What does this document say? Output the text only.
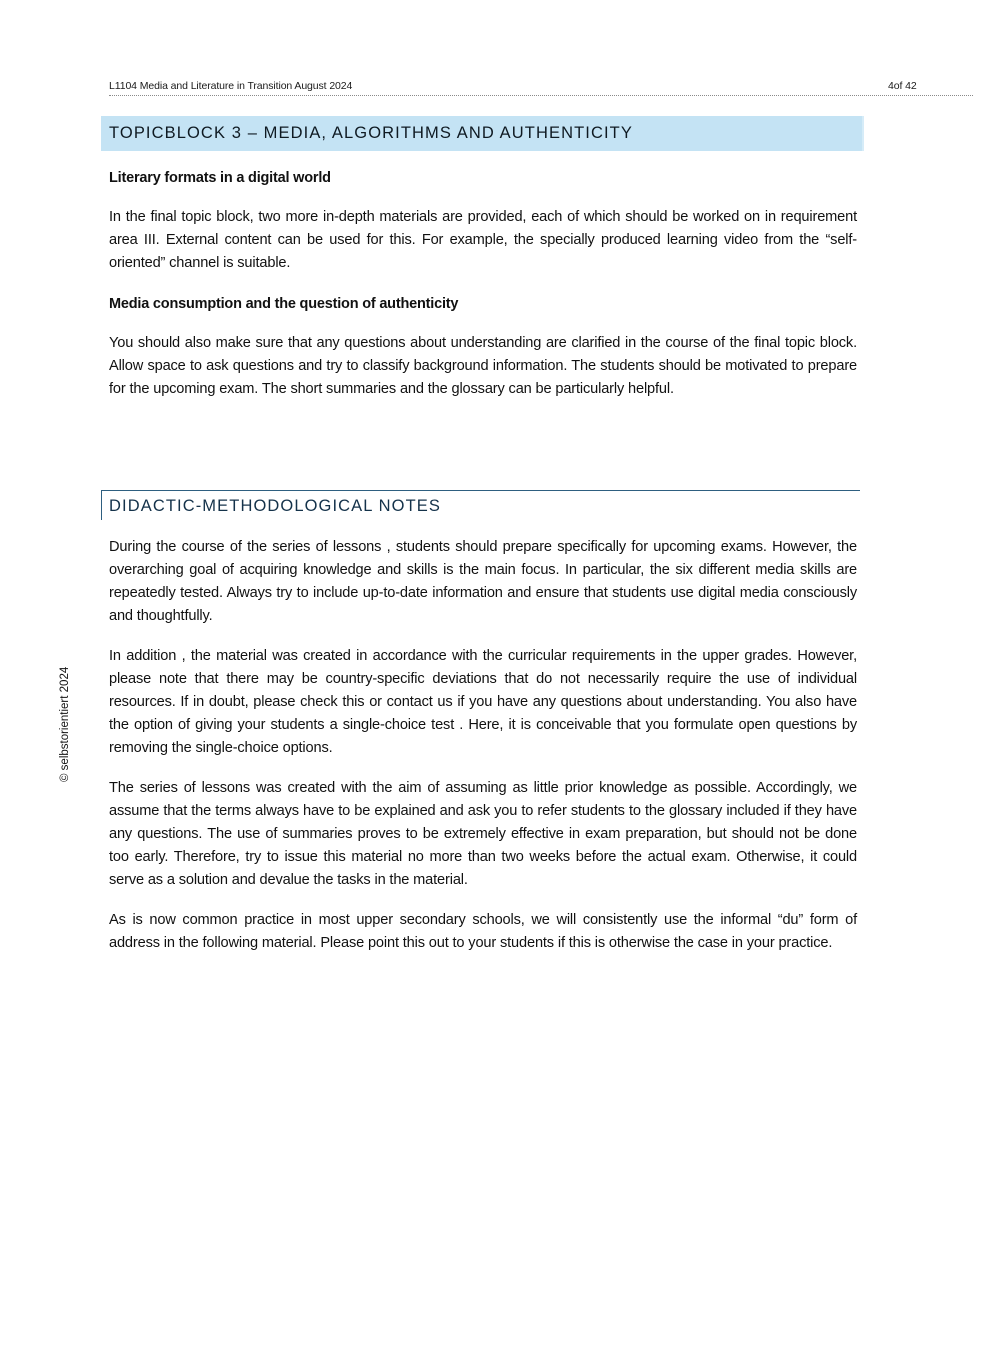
L1104 Media and Literature in Transition August 2024	4of 42
TOPICBLOCK 3 – MEDIA, ALGORITHMS AND AUTHENTICITY
Literary formats in a digital world
In the final topic block, two more in-depth materials are provided, each of which should be worked on in requirement area III. External content can be used for this. For example, the specially produced learning video from the “self-oriented” channel is suitable.
Media consumption and the question of authenticity
You should also make sure that any questions about understanding are clarified in the course of the final topic block. Allow space to ask questions and try to classify background information. The students should be motivated to prepare for the upcoming exam. The short summaries and the glossary can be particularly helpful.
DIDACTIC-METHODOLOGICAL NOTES
During the course of the series of lessons , students should prepare specifically for upcoming exams. However, the overarching goal of acquiring knowledge and skills is the main focus. In particular, the six different media skills are repeatedly tested. Always try to include up-to-date information and ensure that students use digital media consciously and thoughtfully.
In addition , the material was created in accordance with the curricular requirements in the upper grades. However, please note that there may be country-specific deviations that do not necessarily require the use of individual resources. If in doubt, please check this or contact us if you have any questions about understanding. You also have the option of giving your students a single-choice test . Here, it is conceivable that you formulate open questions by removing the single-choice options.
The series of lessons was created with the aim of assuming as little prior knowledge as possible. Accordingly, we assume that the terms always have to be explained and ask you to refer students to the glossary included if they have any questions. The use of summaries proves to be extremely effective in exam preparation, but should not be done too early. Therefore, try to issue this material no more than two weeks before the actual exam. Otherwise, it could serve as a solution and devalue the tasks in the material.
As is now common practice in most upper secondary schools, we will consistently use the informal “du” form of address in the following material. Please point this out to your students if this is otherwise the case in your practice.
© selbstorientiert 2024
